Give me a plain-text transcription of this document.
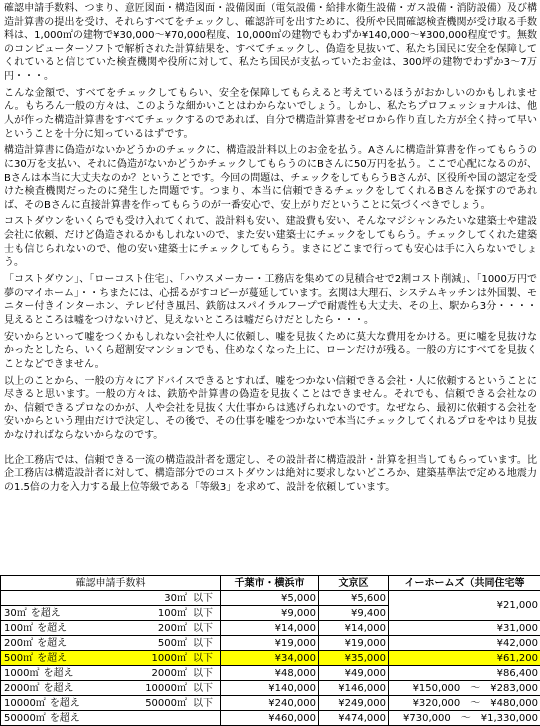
確認申請手数料、つまり、意匠図面・構造図面・設備図面（電気設備・給排水衛生設備・ガス設備・消防設備）及び構造計算書の提出を受け、それらすべてをチェックし、確認許可を出すために、役所や民間確認検査機関が受け取る手数料は、1,000㎡の建物で¥30,000～¥70,000程度、10,000㎡の建物でもわずか¥140,000～¥300,000程度です。無数のコンピューターソフトで解析された計算結果を、すべてチェックし、偽造を見抜いて、私たち国民に安全を保障してくれていると信じていた検査機関や役所に対して、私たち国民が支払っていたお金は、300坪の建物でわずか3～7万円・・・。

こんな金額で、すべてをチェックしてもらい、安全を保障してもらえると考えているほうがおかしいのかもしれません。もちろん一般の方々は、このような細かいことはわからないでしょう。しかし、私たちプロフェッショナルは、他人が作った構造計算書をすべてチェックするのであれば、自分で構造計算書をゼロから作り直した方が全く持って早いということを十分に知っているはずです。

構造計算書に偽造がないかどうかのチェックに、構造設計料以上のお金を払う。Aさんに構造計算書を作ってもらうのに30万を支払い、それに偽造がないかどうかチェックしてもらうのにBさんに50万円を払う。ここで心配になるのが、Bさんは本当に大丈夫なのか？ということです。今回の問題は、チェックをしてもらうBさんが、区役所や国の認定を受けた検査機関だったのに発生した問題です。つまり、本当に信頼できるチェックをしてくれるBさんを探すのであれば、そのBさんに直接計算書を作ってもらうのが一番安心で、安上がりだということに気づくべきでしょう。

コストダウンをいくらでも受け入れてくれて、設計料も安い、建設費も安い、そんなマジシャンみたいな建築士や建設会社に依頼、だけど偽造されるかもしれないので、また安い建築士にチェックをしてもらう。チェックしてくれた建築士も信じられないので、他の安い建築士にチェックしてもらう。まさにどこまで行っても安心は手に入らないでしょう。

「コストダウン」、「ローコスト住宅」、「ハウスメーカー・工務店を集めての見積合せで2割コスト削減」、「1000万円で夢のマイホーム」・・ちまたには、心揺るがすコピーが蔓延しています。玄関は大理石、システムキッチンは外国製、モニター付きインターホン、テレビ付き風呂、鉄筋はスパイラルフープで耐震性も大丈夫、その上、駅から3分・・・・見えるところは嘘をつけないけど、見えないところは嘘だらけだとしたら・・・。

安いからといって嘘をつくかもしれない会社や人に依頼し、嘘を見抜くために莫大な費用をかける。更に嘘を見抜けなかったとしたら、いくら超割安マンションでも、住めなくなった上に、ローンだけが残る。一般の方にすべてを見抜くことなどできません。

以上のことから、一般の方々にアドバイスできるとすれば、嘘をつかない信頼できる会社・人に依頼するということに尽きると思います。一般の方々は、鉄筋や計算書の偽造を見抜くことはできません。それでも、信頼できる会社なのか、信頼できるプロなのかが、人や会社を見抜く大仕事からは逃げられないのです。なぜなら、最初に依頼する会社を安いからという理由だけで決定し、その後で、その仕事を嘘をつかないで本当にチェックしてくれるプロをやはり見抜かなければならないからなのです。

比企工務店では、信頼できる一流の構造設計者を選定し、その設計者に構造設計・計算を担当してもらっています。比企工務店は構造設計者に対して、構造部分でのコストダウンは絶対に要求しないどころか、建築基準法で定める地震力の1.5倍の力を入力する最上位等級である「等級3」を求めて、設計を依頼しています。

確認申請手数料	千葉市・横浜市	文京区	イーホームズ（共同住宅等

30㎡ 以下	¥5,000	¥5,600	¥21,000

30㎡ を超え 100㎡ 以下	¥9,000	¥9,400	

100㎡ を超え 200㎡ 以下	¥14,000	¥14,000	¥31,000

200㎡ を超え 500㎡ 以下	¥19,000	¥19,000	¥42,000

500㎡ を超え 1000㎡ 以下	¥34,000	¥35,000	¥61,200

1000㎡ を超え 2000㎡ 以下	¥48,000	¥49,000	¥86,400

2000㎡ を超え 10000㎡ 以下	¥140,000	¥146,000	¥150,000　～　¥283,000

10000㎡ を超え 50000㎡ 以下	¥240,000	¥249,000	¥320,000　～　¥480,000

50000㎡ を超え	¥460,000	¥474,000	¥730,000　～　¥1,330,000
